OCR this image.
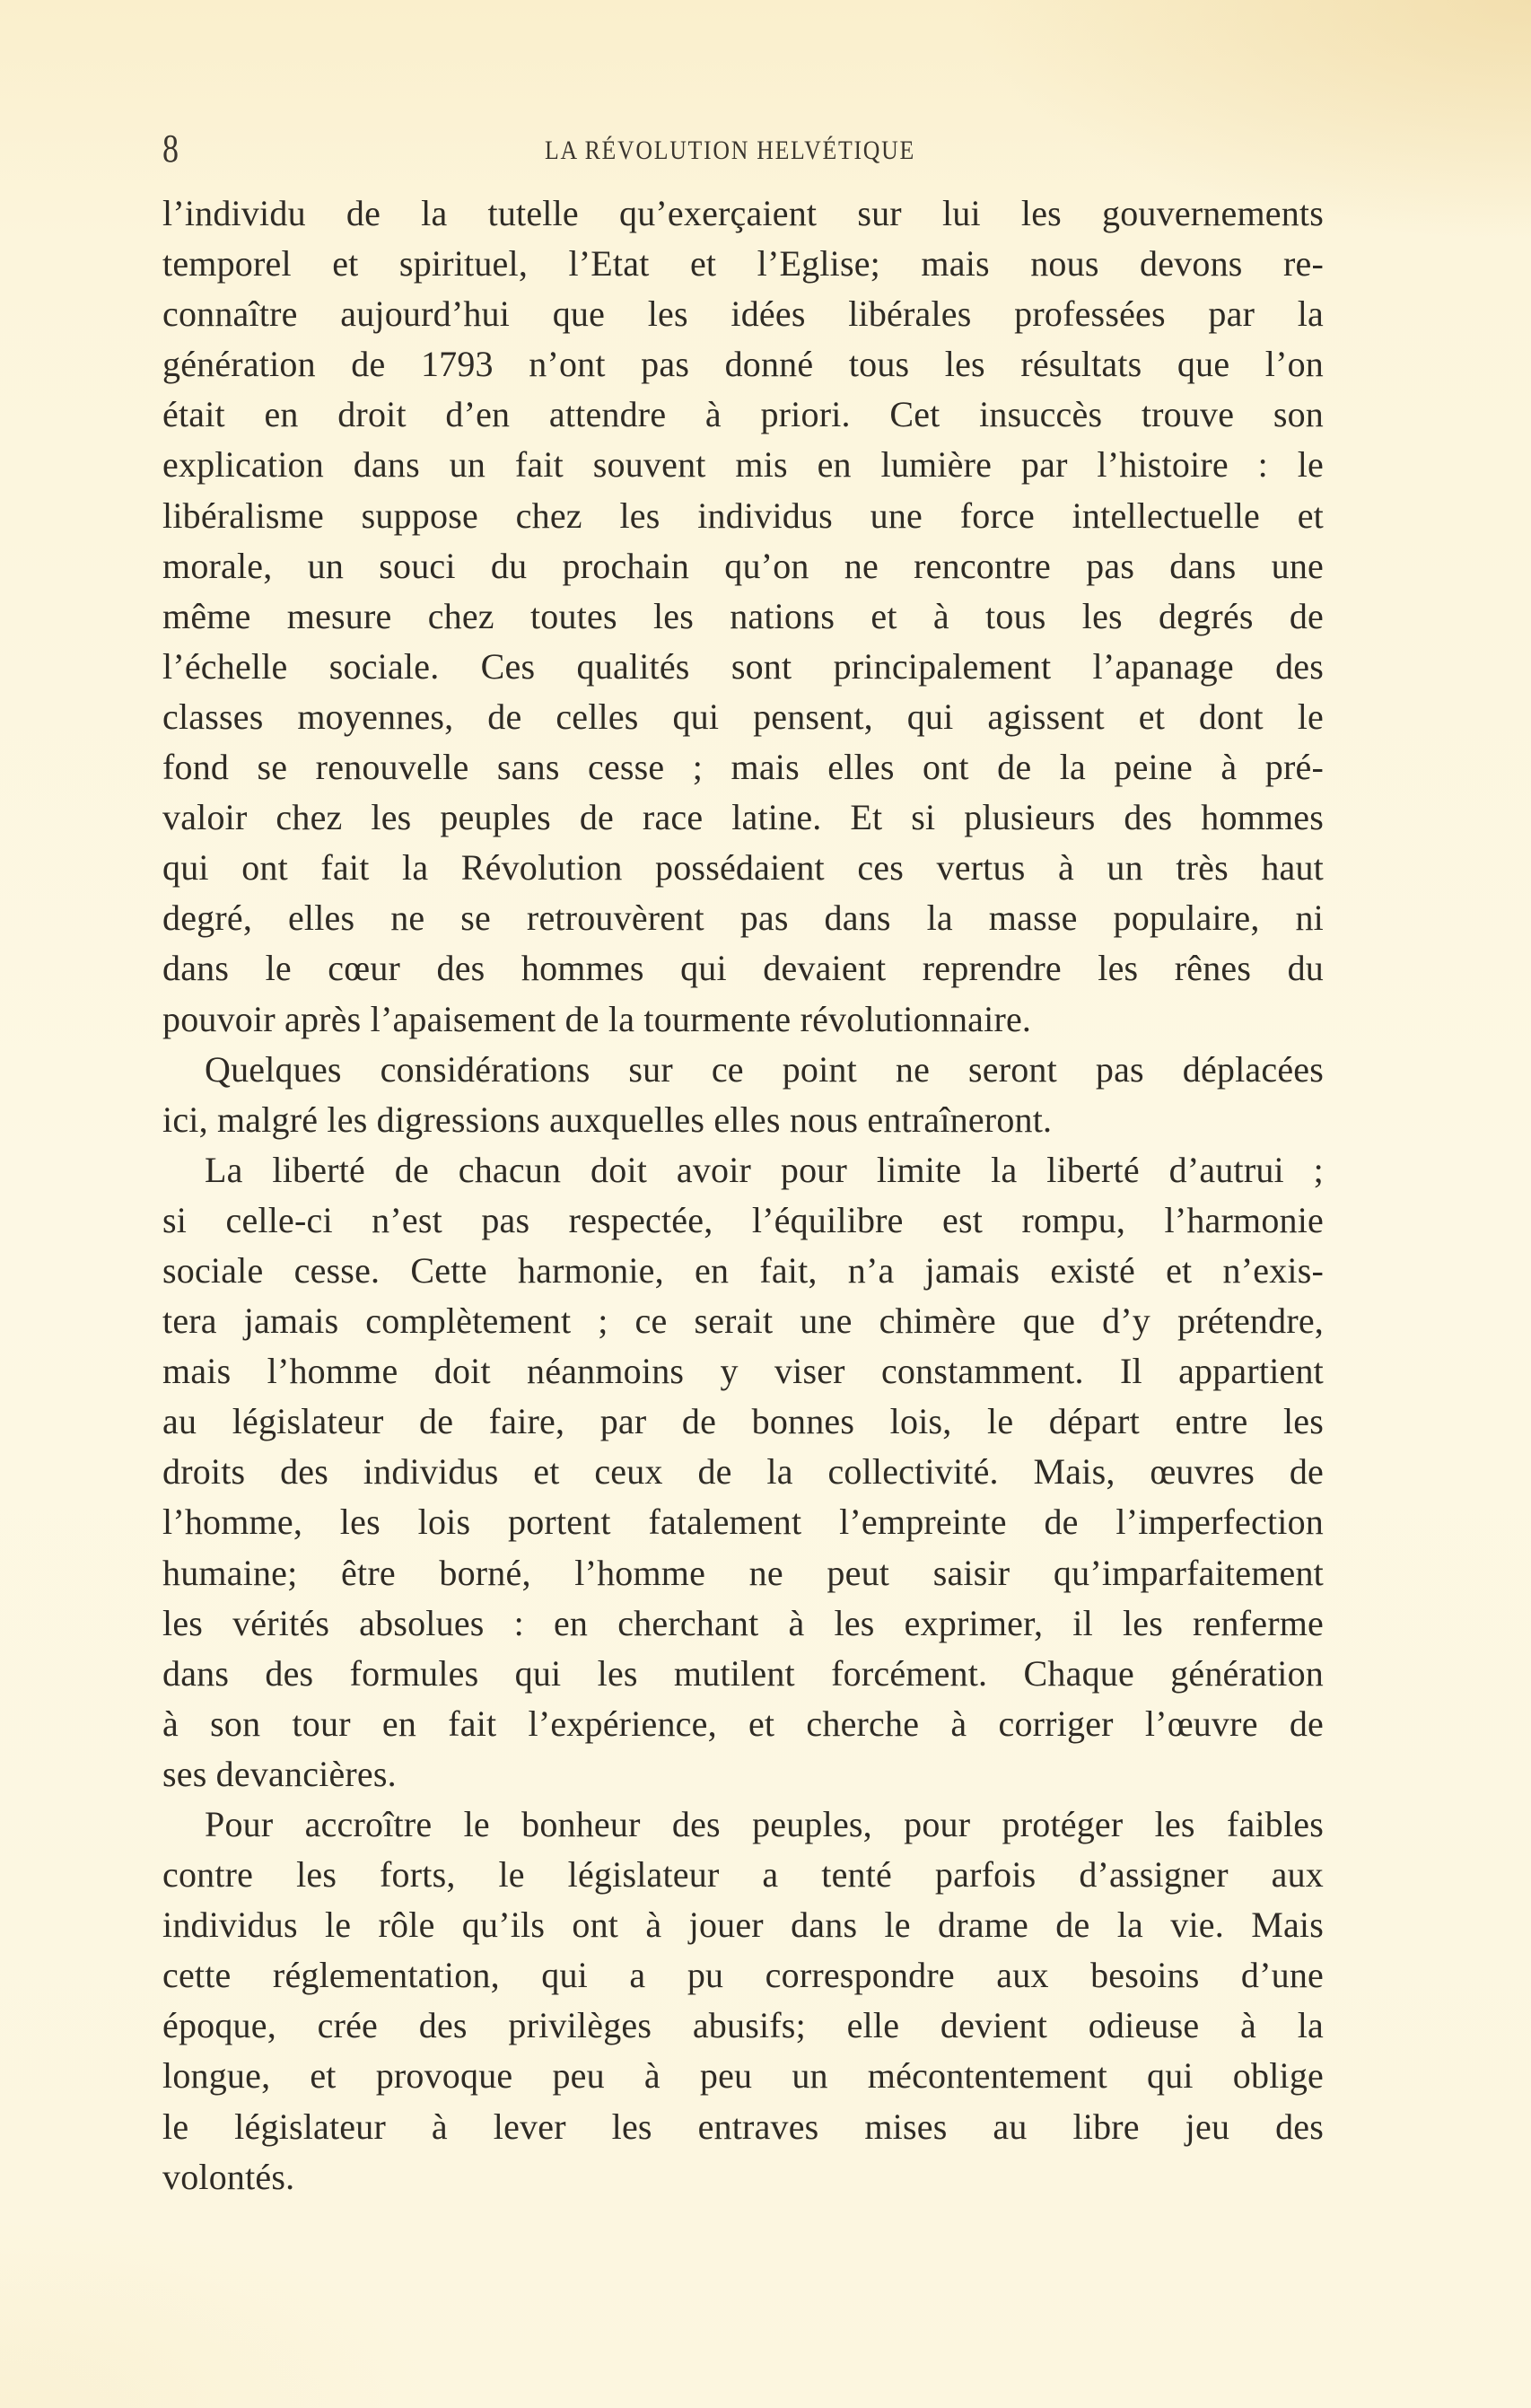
8	LA RÉVOLUTION HELVÉTIQUE
l’individu de la tutelle qu’exerçaient sur lui les gouvernements
temporel et spirituel, l’Etat et l’Eglise; mais nous devons re-
connaître aujourd’hui que les idées libérales professées par la
génération de 1793 n’ont pas donné tous les résultats que l’on
était en droit d’en attendre à priori. Cet insuccès trouve son
explication dans un fait souvent mis en lumière par l’histoire : le
libéralisme suppose chez les individus une force intellectuelle et
morale, un souci du prochain qu’on ne rencontre pas dans une
même mesure chez toutes les nations et à tous les degrés de
l’échelle sociale. Ces qualités sont principalement l’apanage des
classes moyennes, de celles qui pensent, qui agissent et dont le
fond se renouvelle sans cesse ; mais elles ont de la peine à pré-
valoir chez les peuples de race latine. Et si plusieurs des hommes
qui ont fait la Révolution possédaient ces vertus à un très haut
degré, elles ne se retrouvèrent pas dans la masse populaire, ni
dans le cœur des hommes qui devaient reprendre les rênes du
pouvoir après l’apaisement de la tourmente révolutionnaire.
Quelques considérations sur ce point ne seront pas déplacées
ici, malgré les digressions auxquelles elles nous entraîneront.
La liberté de chacun doit avoir pour limite la liberté d’autrui ;
si celle-ci n’est pas respectée, l’équilibre est rompu, l’harmonie
sociale cesse. Cette harmonie, en fait, n’a jamais existé et n’exis-
tera jamais complètement ; ce serait une chimère que d’y prétendre,
mais l’homme doit néanmoins y viser constamment. Il appartient
au législateur de faire, par de bonnes lois, le départ entre les
droits des individus et ceux de la collectivité. Mais, œuvres de
l’homme, les lois portent fatalement l’empreinte de l’imperfection
humaine; être borné, l’homme ne peut saisir qu’imparfaitement
les vérités absolues : en cherchant à les exprimer, il les renferme
dans des formules qui les mutilent forcément. Chaque génération
à son tour en fait l’expérience, et cherche à corriger l’œuvre de
ses devancières.
Pour accroître le bonheur des peuples, pour protéger les faibles
contre les forts, le législateur a tenté parfois d’assigner aux
individus le rôle qu’ils ont à jouer dans le drame de la vie. Mais
cette réglementation, qui a pu correspondre aux besoins d’une
époque, crée des privilèges abusifs; elle devient odieuse à la
longue, et provoque peu à peu un mécontentement qui oblige
le législateur à lever les entraves mises au libre jeu des
volontés.
